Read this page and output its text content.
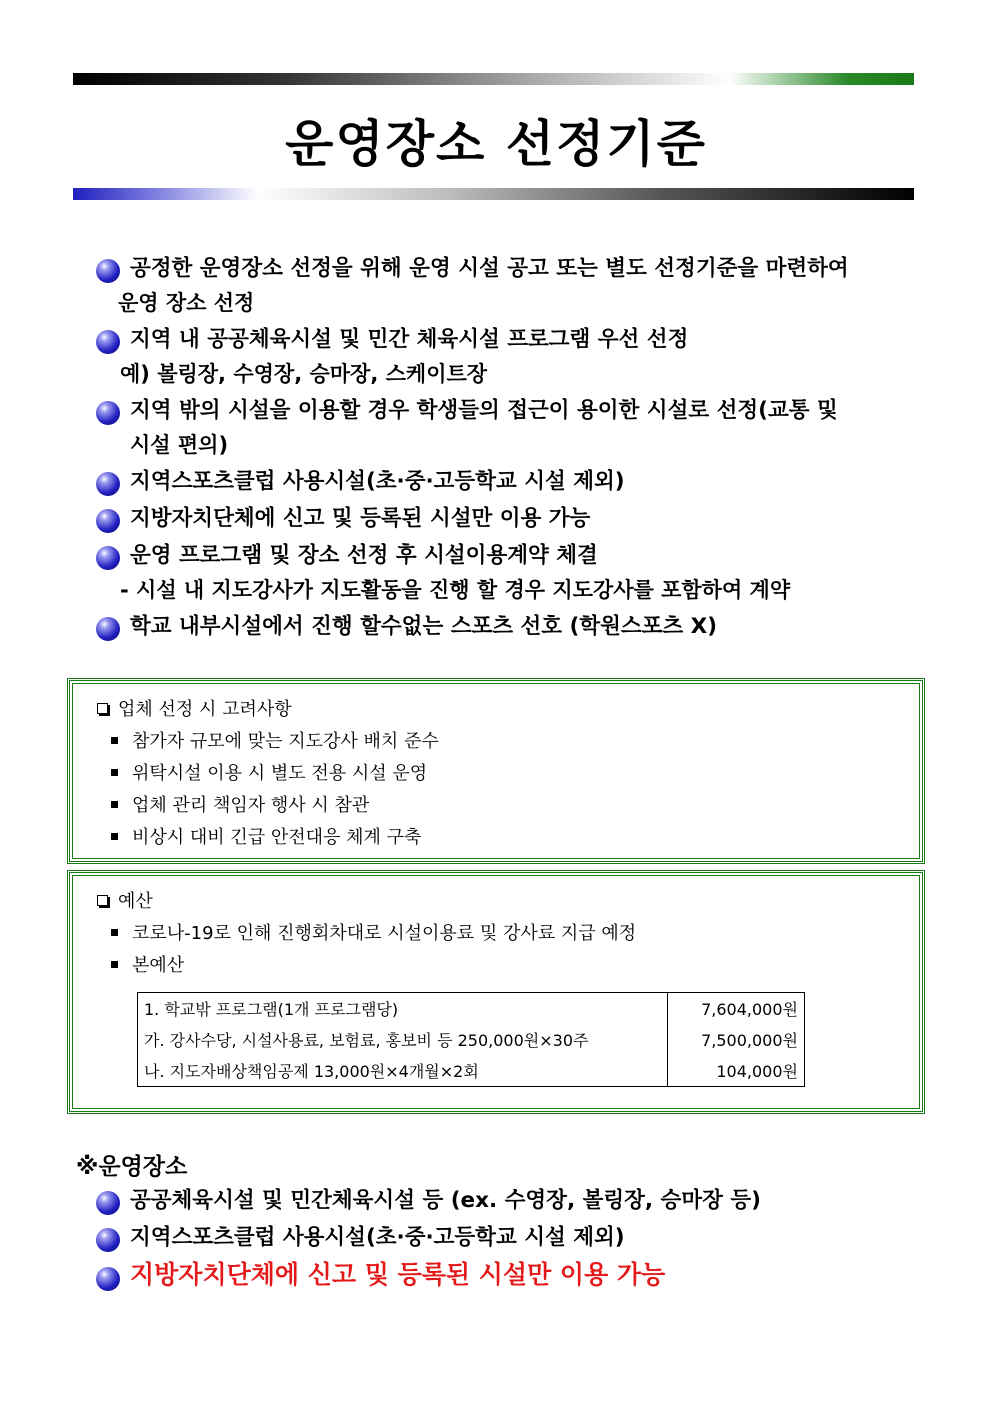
운영장소 선정기준
공정한 운영장소 선정을 위해 운영 시설 공고 또는 별도 선정기준을 마련하여
운영 장소 선정
지역 내 공공체육시설 및 민간 체육시설 프로그램 우선 선정
예) 볼링장, 수영장, 승마장, 스케이트장
지역 밖의 시설을 이용할 경우 학생들의 접근이 용이한 시설로 선정(교통 및
시설 편의)
지역스포츠클럽 사용시설(초·중·고등학교 시설 제외)
지방자치단체에 신고 및 등록된 시설만 이용 가능
운영 프로그램 및 장소 선정 후 시설이용계약 체결
- 시설 내 지도강사가 지도활동을 진행 할 경우 지도강사를 포함하여 계약
학교 내부시설에서 진행 할수없는 스포츠 선호 (학원스포츠 X)
업체 선정 시 고려사항
참가자 규모에 맞는 지도강사 배치 준수
위탁시설 이용 시 별도 전용 시설 운영
업체 관리 책임자 행사 시 참관
비상시 대비 긴급 안전대응 체계 구축
예산
코로나-19로 인해 진행회차대로 시설이용료 및 강사료 지급 예정
본예산
1. 학교밖 프로그램(1개 프로그램당)	7,604,000원
가. 강사수당, 시설사용료, 보험료, 홍보비 등 250,000원×30주	7,500,000원
나. 지도자배상책임공제 13,000원×4개월×2회	104,000원
※운영장소
공공체육시설 및 민간체육시설 등 (ex. 수영장, 볼링장, 승마장 등)
지역스포츠클럽 사용시설(초·중·고등학교 시설 제외)
지방자치단체에 신고 및 등록된 시설만 이용 가능
